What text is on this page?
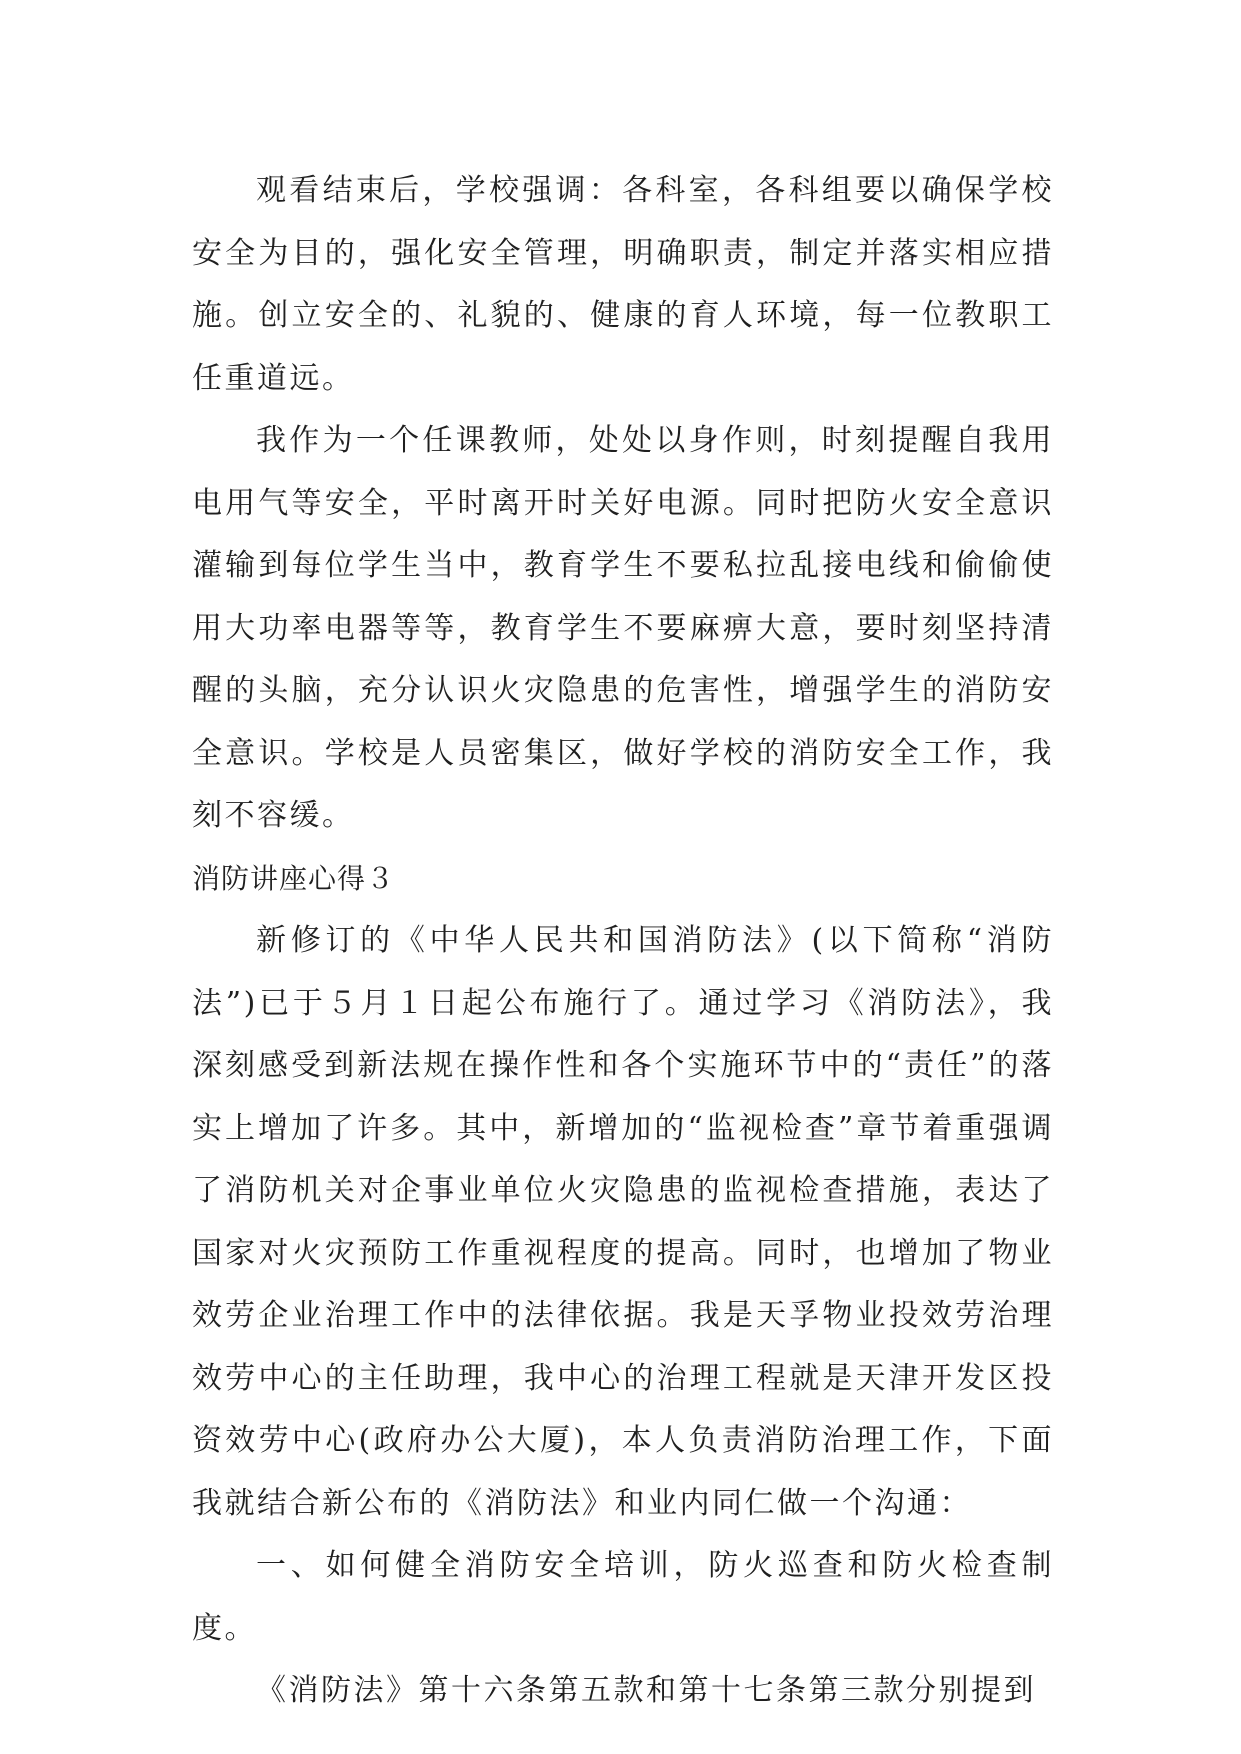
观看结束后，学校强调：各科室，各科组要以确保学校安全为目的，强化安全管理，明确职责，制定并落实相应措施。创立安全的、礼貌的、健康的育人环境，每一位教职工任重道远。

我作为一个任课教师，处处以身作则，时刻提醒自我用电用气等安全，平时离开时关好电源。同时把防火安全意识灌输到每位学生当中，教育学生不要私拉乱接电线和偷偷使用大功率电器等等，教育学生不要麻痹大意，要时刻坚持清醒的头脑，充分认识火灾隐患的危害性，增强学生的消防安全意识。学校是人员密集区，做好学校的消防安全工作，我刻不容缓。

消防讲座心得３

新修订的《中华人民共和国消防法》(以下简称“消防法”)已于５月１日起公布施行了。通过学习《消防法》，我深刻感受到新法规在操作性和各个实施环节中的“责任”的落实上增加了许多。其中，新增加的“监视检查”章节着重强调了消防机关对企事业单位火灾隐患的监视检查措施，表达了国家对火灾预防工作重视程度的提高。同时，也增加了物业效劳企业治理工作中的法律依据。我是天孚物业投效劳治理效劳中心的主任助理，我中心的治理工程就是天津开发区投资效劳中心(政府办公大厦)，本人负责消防治理工作，下面我就结合新公布的《消防法》和业内同仁做一个沟通：

一、如何健全消防安全培训，防火巡查和防火检查制度。

《消防法》第十六条第五款和第十七条第三款分别提到
